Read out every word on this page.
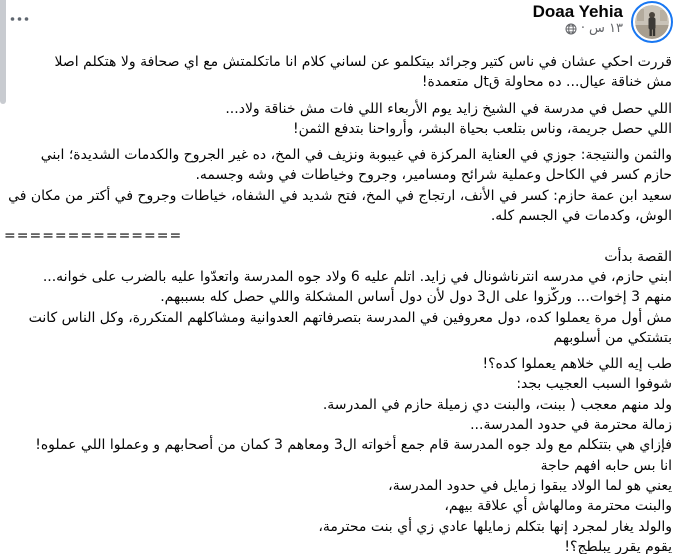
Doaa Yehia
١٣ س
·
قررت احكي عشان في ناس كتير وجرائد بيتكلمو عن لساني كلام انا ماتكلمتش مع اي صحافة ولا هتكلم اصلا
مش خناقة عيال... ده محاولة قtل متعمدة!
اللي حصل في مدرسة في الشيخ زايد يوم الأربعاء اللي فات مش خناقة ولاد...
اللي حصل جريمة، وناس بتلعب بحياة البشر، وأرواحنا بتدفع الثمن!
والثمن والنتيجة: جوزي في العناية المركزة في غيبوبة ونزيف في المخ، ده غير الجروح والكدمات الشديدة؛ ابني
حازم كسر في الكاحل وعملية شرائح ومسامير، وجروح وخياطات في وشه وجسمه.
سعيد ابن عمة حازم: كسر في الأنف، ارتجاج في المخ، فتح شديد في الشفاه، خياطات وجروح في أكتر من مكان في
الوش، وكدمات في الجسم كله.
==============
القصة بدأت
ابني حازم، في مدرسه انترناشونال في زايد. اتلم عليه 6 ولاد جوه المدرسة واتعدّوا عليه بالضرب على خوانه...
منهم 3 إخوات... وركّزوا على ال3 دول لأن دول أساس المشكلة واللي حصل كله بسببهم.
مش أول مرة يعملوا كده، دول معروفين في المدرسة بتصرفاتهم العدوانية ومشاكلهم المتكررة، وكل الناس كانت
بتشتكي من أسلوبهم
طب إيه اللي خلاهم يعملوا كده؟!
شوفوا السبب العجيب بجد:
ولد منهم معجب ( ببنت، والبنت دي زميلة حازم في المدرسة.
زمالة محترمة في حدود المدرسة...
فإزاي هي بتتكلم مع ولد جوه المدرسة قام جمع أخواته ال3 ومعاهم 3 كمان من أصحابهم و وعملوا اللي عملوه!
انا بس حابه افهم حاجة
يعني هو لما الولاد يبقوا زمايل في حدود المدرسة،
والبنت محترمة ومالهاش أي علاقة بيهم،
والولد يغار لمجرد إنها بتكلم زمايلها عادي زي أي بنت محترمة،
يقوم يقرر يبلطج؟!
